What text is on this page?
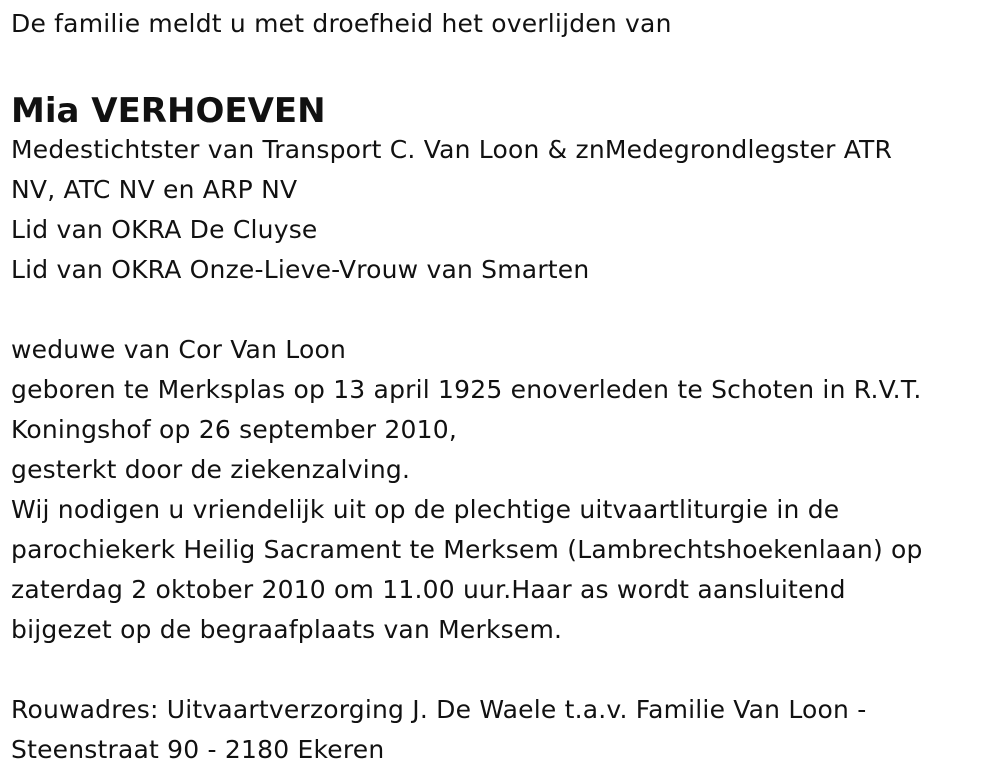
De familie meldt u met droefheid het overlijden van
Mia VERHOEVEN
Medestichtster van Transport C. Van Loon & znMedegrondlegster ATR
NV, ATC NV en ARP NV
Lid van OKRA De Cluyse
Lid van OKRA Onze-Lieve-Vrouw van Smarten
weduwe van Cor Van Loon
geboren te Merksplas op 13 april 1925 enoverleden te Schoten in R.V.T.
Koningshof op 26 september 2010,
gesterkt door de ziekenzalving.
Wij nodigen u vriendelijk uit op de plechtige uitvaartliturgie in de
parochiekerk Heilig Sacrament te Merksem (Lambrechtshoekenlaan) op
zaterdag 2 oktober 2010 om 11.00 uur.Haar as wordt aansluitend
bijgezet op de begraafplaats van Merksem.
Rouwadres: Uitvaartverzorging J. De Waele t.a.v. Familie Van Loon -
Steenstraat 90 - 2180 Ekeren
